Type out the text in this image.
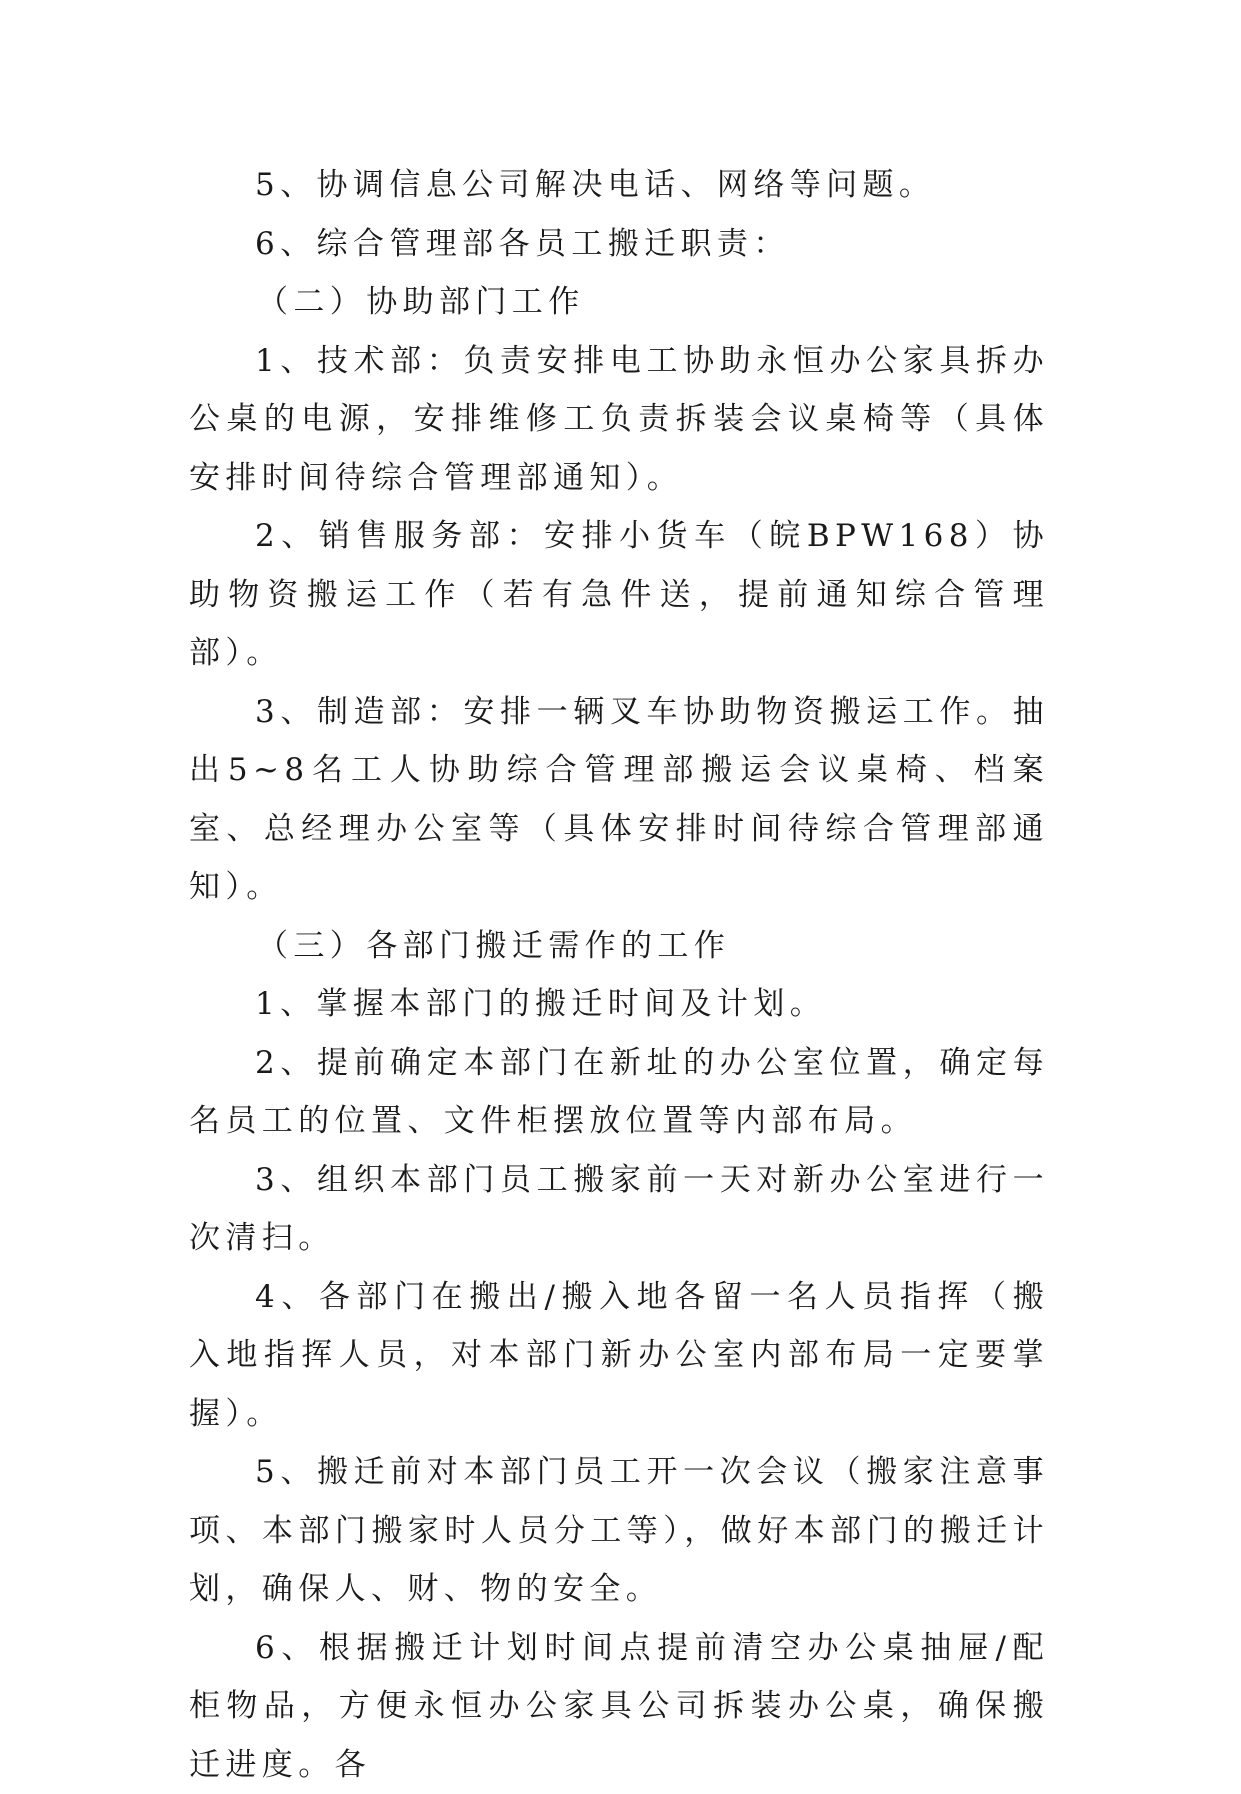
5、协调信息公司解决电话、网络等问题。

6、综合管理部各员工搬迁职责：

（二）协助部门工作

1、技术部：负责安排电工协助永恒办公家具拆办公桌的电源，安排维修工负责拆装会议桌椅等（具体安排时间待综合管理部通知）。

2、销售服务部：安排小货车（皖BPW168）协助物资搬运工作（若有急件送，提前通知综合管理部）。

3、制造部：安排一辆叉车协助物资搬运工作。抽出5~8名工人协助综合管理部搬运会议桌椅、档案室、总经理办公室等（具体安排时间待综合管理部通知）。

（三）各部门搬迁需作的工作

1、掌握本部门的搬迁时间及计划。

2、提前确定本部门在新址的办公室位置，确定每名员工的位置、文件柜摆放位置等内部布局。

3、组织本部门员工搬家前一天对新办公室进行一次清扫。

4、各部门在搬出/搬入地各留一名人员指挥（搬入地指挥人员，对本部门新办公室内部布局一定要掌握）。

5、搬迁前对本部门员工开一次会议（搬家注意事项、本部门搬家时人员分工等），做好本部门的搬迁计划，确保人、财、物的安全。

6、根据搬迁计划时间点提前清空办公桌抽屉/配柜物品，方便永恒办公家具公司拆装办公桌，确保搬迁进度。各
